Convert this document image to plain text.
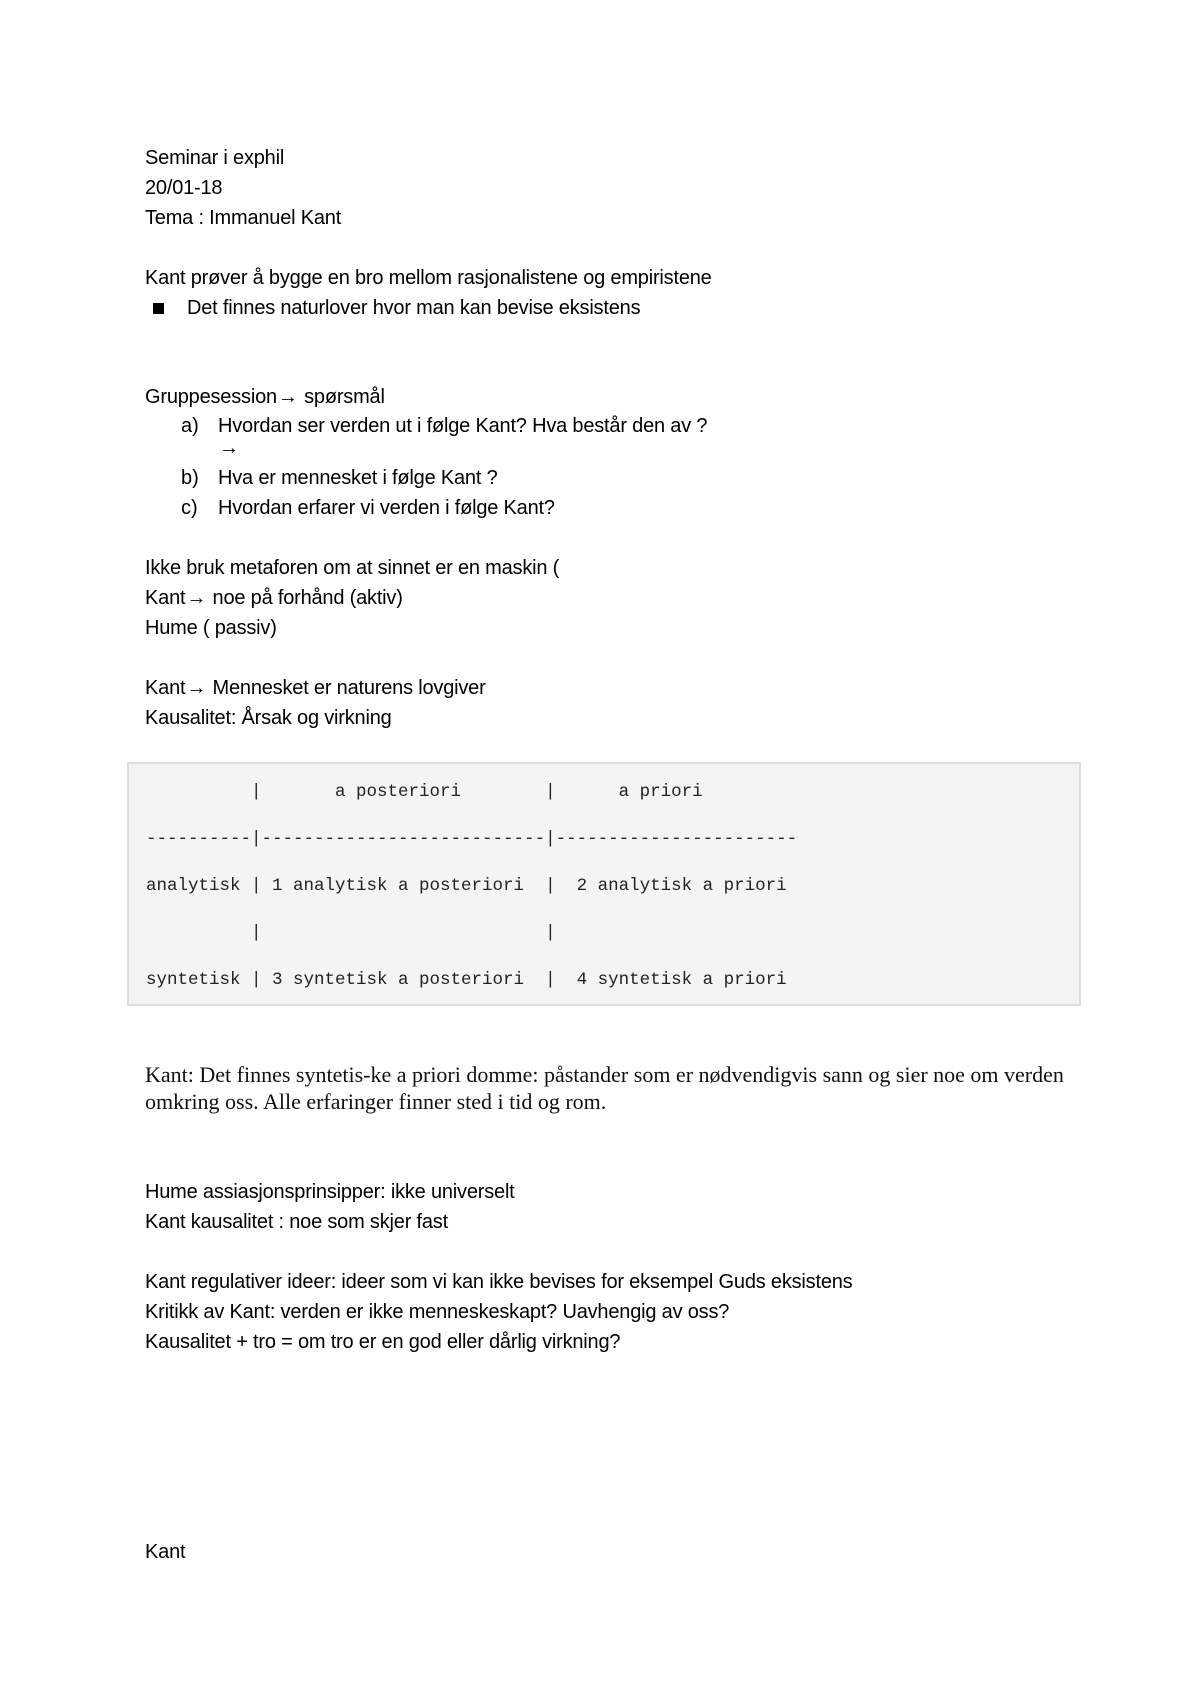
Seminar i exphil
20/01-18
Tema : Immanuel Kant
Kant prøver å bygge en bro mellom rasjonalistene og empiristene
Det finnes naturlover hvor man kan bevise eksistens
Gruppesession→ spørsmål
a) Hvordan ser verden ut i følge Kant? Hva består den av ?
→
b) Hva er mennesket i følge Kant ?
c) Hvordan erfarer vi verden i følge Kant?
Ikke bruk metaforen om at sinnet er en maskin (
Kant→ noe på forhånd (aktiv)
Hume ( passiv)
Kant→ Mennesket er naturens lovgiver
Kausalitet: Årsak og virkning
|       a posteriori        |      a priori
----------|---------------------------|-----------------------
analytisk | 1 analytisk a posteriori  |  2 analytisk a priori
|                           |
syntetisk | 3 syntetisk a posteriori  |  4 syntetisk a priori
Kant: Det finnes syntetis-ke a priori domme: påstander som er nødvendigvis sann og sier noe om verden omkring oss. Alle erfaringer finner sted i tid og rom.
Hume assiasjonsprinsipper: ikke universelt
Kant kausalitet : noe som skjer fast
Kant regulativer ideer: ideer som vi kan ikke bevises for eksempel Guds eksistens
Kritikk av Kant: verden er ikke menneskeskapt? Uavhengig av oss?
Kausalitet + tro = om tro er en god eller dårlig virkning?
Kant
